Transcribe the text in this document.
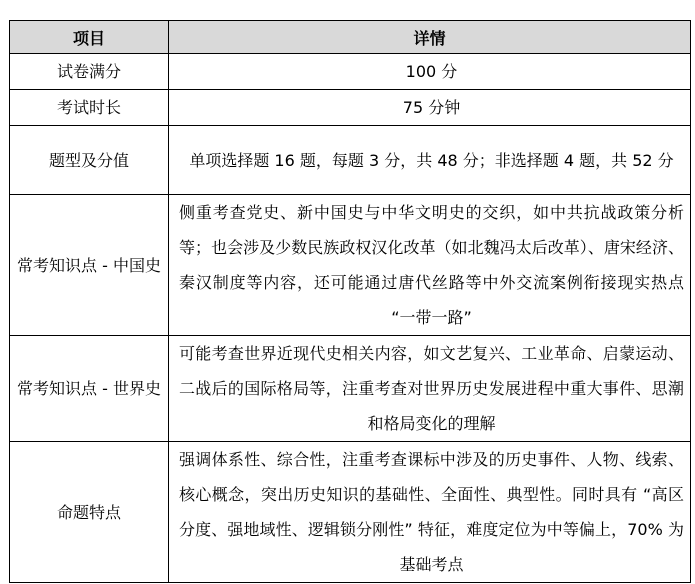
项目	详情
试卷满分	100 分
考试时长	75 分钟
题型及分值	单项选择题 16 题，每题 3 分，共 48 分；非选择题 4 题，共 52 分
常考知识点 - 中国史	侧重考查党史、新中国史与中华文明史的交织，如中共抗战政策分析等；也会涉及少数民族政权汉化改革（如北魏冯太后改革）、唐宋经济、秦汉制度等内容，还可能通过唐代丝路等中外交流案例衔接现实热点 “一带一路”
常考知识点 - 世界史	可能考查世界近现代史相关内容，如文艺复兴、工业革命、启蒙运动、二战后的国际格局等，注重考查对世界历史发展进程中重大事件、思潮和格局变化的理解
命题特点	强调体系性、综合性，注重考查课标中涉及的历史事件、人物、线索、核心概念，突出历史知识的基础性、全面性、典型性。同时具有 “高区分度、强地域性、逻辑锁分刚性” 特征，难度定位为中等偏上，70% 为基础考点
